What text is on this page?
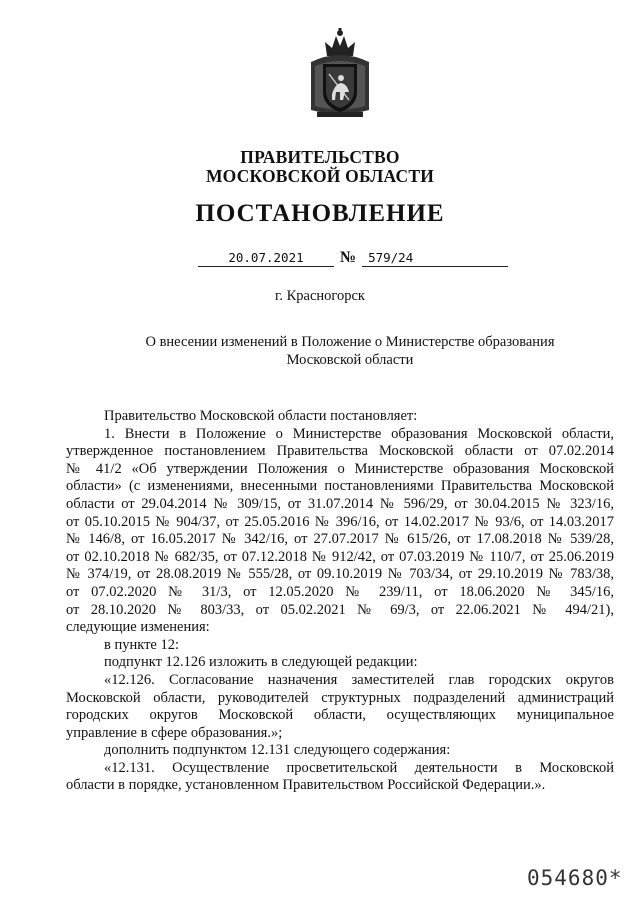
ПРАВИТЕЛЬСТВО
МОСКОВСКОЙ ОБЛАСТИ
ПОСТАНОВЛЕНИЕ
20.07.2021 № 579/24
г. Красногорск
О внесении изменений в Положение о Министерстве образования
Московской области

Правительство Московской области постановляет:

1. Внести в Положение о Министерстве образования Московской области,

утвержденное постановлением Правительства Московской области от 07.02.2014

№ 41/2 «Об утверждении Положения о Министерстве образования Московской

области» (с изменениями, внесенными постановлениями Правительства Московской

области от 29.04.2014 № 309/15, от 31.07.2014 № 596/29, от 30.04.2015 № 323/16,

от 05.10.2015 № 904/37, от 25.05.2016 № 396/16, от 14.02.2017 № 93/6, от 14.03.2017

№ 146/8, от 16.05.2017 № 342/16, от 27.07.2017 № 615/26, от 17.08.2018 № 539/28,

от 02.10.2018 № 682/35, от 07.12.2018 № 912/42, от 07.03.2019 № 110/7, от 25.06.2019

№ 374/19, от 28.08.2019 № 555/28, от 09.10.2019 № 703/34, от 29.10.2019 № 783/38,

от 07.02.2020 № 31/3, от 12.05.2020 № 239/11, от 18.06.2020 № 345/16,

от 28.10.2020 № 803/33, от 05.02.2021 № 69/3, от 22.06.2021 № 494/21),

следующие изменения:

в пункте 12:

подпункт 12.126 изложить в следующей редакции:

«12.126. Согласование назначения заместителей глав городских округов

Московской области, руководителей структурных подразделений администраций

городских округов Московской области, осуществляющих муниципальное

управление в сфере образования.»;

дополнить подпунктом 12.131 следующего содержания:

«12.131. Осуществление просветительской деятельности в Московской

области в порядке, установленном Правительством Российской Федерации.».

054680*
